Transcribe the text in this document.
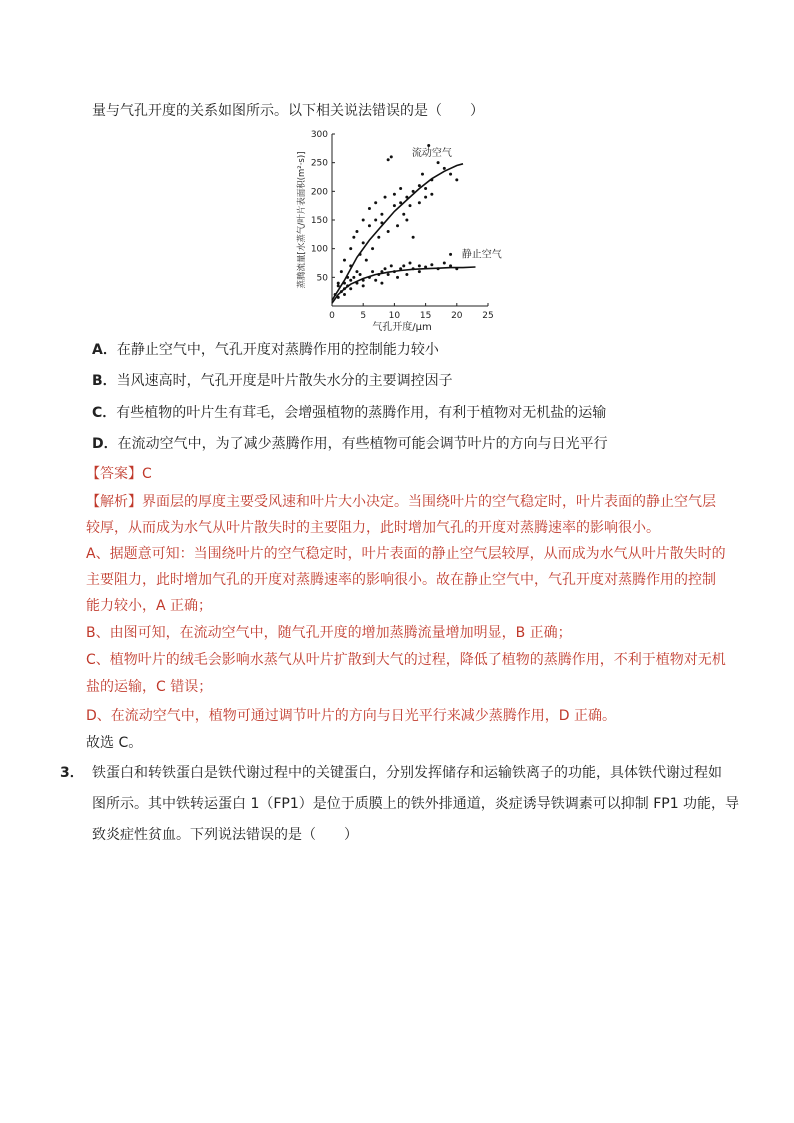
量与气孔开度的关系如图所示。以下相关说法错误的是（　　）
50
100
150
200
250
300
0	5	10 15 20 25
气孔开度/μm
蒸腾流量[水蒸气/叶片表面积(m²·s)]	流动空气
静止空气
A．在静止空气中，气孔开度对蒸腾作用的控制能力较小
B．当风速高时，气孔开度是叶片散失水分的主要调控因子
C．有些植物的叶片生有茸毛，会增强植物的蒸腾作用，有利于植物对无机盐的运输
D．在流动空气中，为了减少蒸腾作用，有些植物可能会调节叶片的方向与日光平行
【答案】C
【解析】界面层的厚度主要受风速和叶片大小决定。当围绕叶片的空气稳定时，叶片表面的静止空气层
较厚，从而成为水气从叶片散失时的主要阻力，此时增加气孔的开度对蒸腾速率的影响很小。
A、据题意可知：当围绕叶片的空气稳定时，叶片表面的静止空气层较厚，从而成为水气从叶片散失时的
主要阻力，此时增加气孔的开度对蒸腾速率的影响很小。故在静止空气中，气孔开度对蒸腾作用的控制
能力较小，A 正确；
B、由图可知，在流动空气中，随气孔开度的增加蒸腾流量增加明显，B 正确；
C、植物叶片的绒毛会影响水蒸气从叶片扩散到大气的过程，降低了植物的蒸腾作用，不利于植物对无机
盐的运输，C 错误；
D、在流动空气中，植物可通过调节叶片的方向与日光平行来减少蒸腾作用，D 正确。
故选 C。
3． 铁蛋白和转铁蛋白是铁代谢过程中的关键蛋白，分别发挥储存和运输铁离子的功能，具体铁代谢过程如
图所示。其中铁转运蛋白 1（FP1）是位于质膜上的铁外排通道，炎症诱导铁调素可以抑制 FP1 功能，导
致炎症性贫血。下列说法错误的是（　　）
